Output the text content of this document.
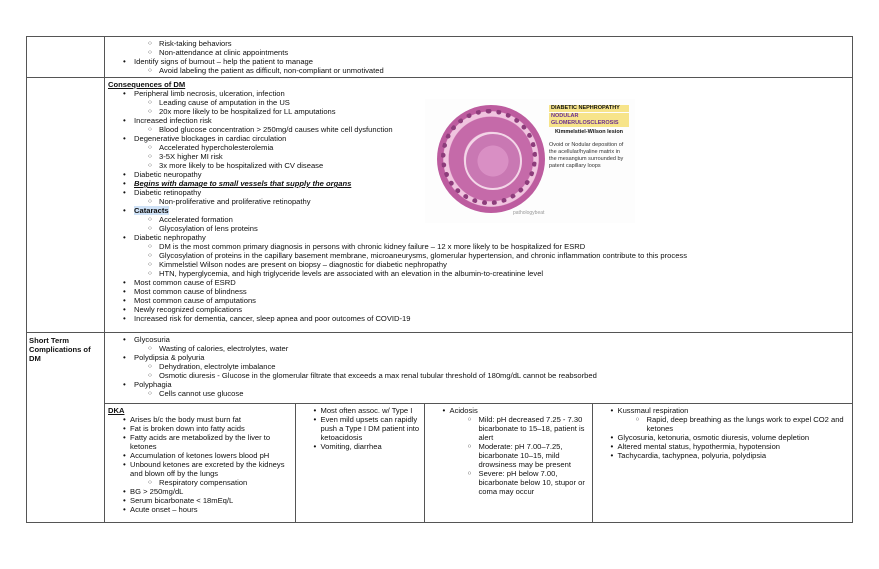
○ Risk-taking behaviors
○ Non-attendance at clinic appointments
• Identify signs of burnout – help the patient to manage
○ Avoid labeling the patient as difficult, non-compliant or unmotivated

Consequences of DM
• Peripheral limb necrosis, ulceration, infection
○ Leading cause of amputation in the US
○ 20x more likely to be hospitalized for LL amputations
• Increased infection risk
○ Blood glucose concentration > 250mg/d causes white cell dysfunction
• Degenerative blockages in cardiac circulation
○ Accelerated hypercholesterolemia
○ 3-5X higher MI risk
○ 3x more likely to be hospitalized with CV disease
• Diabetic neuropathy
• Begins with damage to small vessels that supply the organs
• Diabetic retinopathy
○ Non-proliferative and proliferative retinopathy
• Cataracts
○ Accelerated formation
○ Glycosylation of lens proteins
• Diabetic nephropathy
○ DM is the most common primary diagnosis in persons with chronic kidney failure – 12 x more likely to be hospitalized for ESRD
○ Glycosylation of proteins in the capillary basement membrane, microaneurysms, glomerular hypertension, and chronic inflammation contribute to this process
○ Kimmelstiel Wilson nodes are present on biopsy – diagnostic for diabetic nephropathy
○ HTN, hyperglycemia, and high triglyceride levels are associated with an elevation in the albumin-to-creatinine level
• Most common cause of ESRD
• Most common cause of blindness
• Most common cause of amputations
• Newly recognized complications
• Increased risk for dementia, cancer, sleep apnea and poor outcomes of COVID-19
DIABETIC NEPHROPATHY
NODULAR GLOMERULOSCLEROSIS
Kimmelstiel-Wilson lesion
Ovoid or Nodular deposition of the acellular/hyaline matrix in the mesangium surrounded by patent capillary loops
pathologybeat

Short Term Complications of DM	
• Glycosuria
○ Wasting of calories, electrolytes, water
• Polydipsia & polyuria
○ Dehydration, electrolyte imbalance
○ Osmotic diuresis - Glucose in the glomerular filtrate that exceeds a max renal tubular threshold of 180mg/dL cannot be reabsorbed
• Polyphagia
○ Cells cannot use glucose
DKA
• Arises b/c the body must burn fat
• Fat is broken down into fatty acids
• Fatty acids are metabolized by the liver to ketones
• Accumulation of ketones lowers blood pH
• Unbound ketones are excreted by the kidneys and blown off by the lungs
○ Respiratory compensation
• BG > 250mg/dL
• Serum bicarbonate < 18mEq/L
• Acute onset – hours

• Most often assoc. w/ Type I
• Even mild upsets can rapidly push a Type I DM patient into ketoacidosis
• Vomiting, diarrhea

• Acidosis
○ Mild: pH decreased 7.25 - 7.30 bicarbonate to 15–18, patient is alert
○ Moderate: pH 7.00–7.25, bicarbonate 10–15, mild drowsiness may be present
○ Severe: pH below 7.00, bicarbonate below 10, stupor or coma may occur

• Kussmaul respiration
○ Rapid, deep breathing as the lungs work to expel CO2 and ketones
• Glycosuria, ketonuria, osmotic diuresis, volume depletion
• Altered mental status, hypothermia, hypotension
• Tachycardia, tachypnea, polyuria, polydipsia
